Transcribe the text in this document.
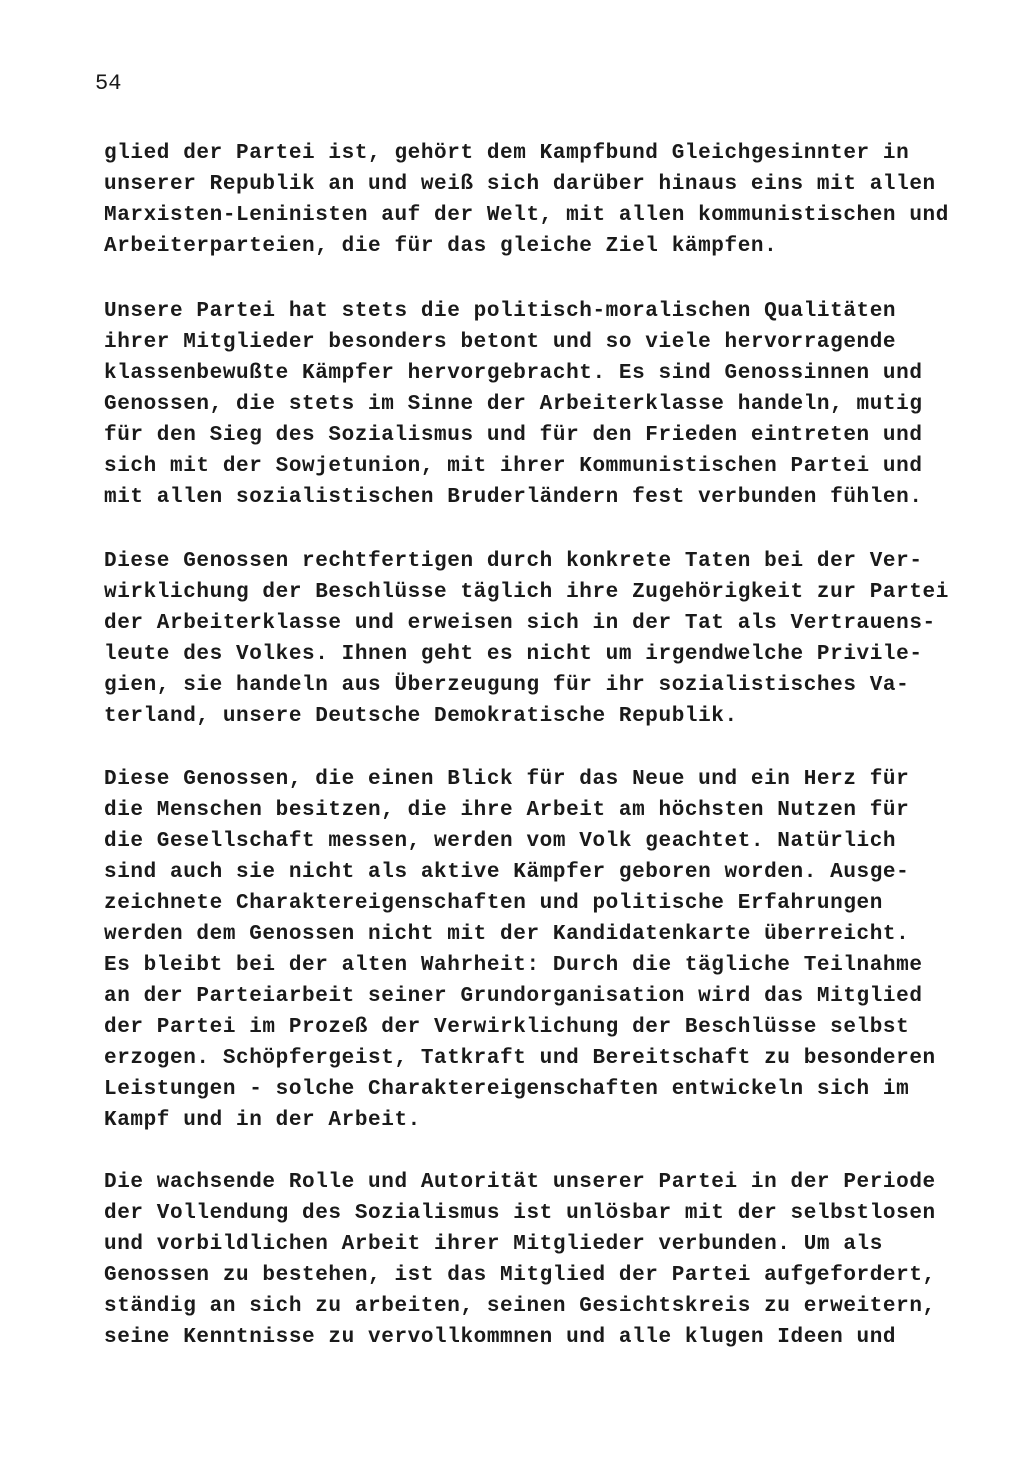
54
glied der Partei ist, gehört dem Kampfbund Gleichgesinnter in
unserer Republik an und weiß sich darüber hinaus eins mit allen
Marxisten-Leninisten auf der Welt, mit allen kommunistischen und
Arbeiterparteien, die für das gleiche Ziel kämpfen.
Unsere Partei hat stets die politisch-moralischen Qualitäten
ihrer Mitglieder besonders betont und so viele hervorragende
klassenbewußte Kämpfer hervorgebracht. Es sind Genossinnen und
Genossen, die stets im Sinne der Arbeiterklasse handeln, mutig
für den Sieg des Sozialismus und für den Frieden eintreten und
sich mit der Sowjetunion, mit ihrer Kommunistischen Partei und
mit allen sozialistischen Bruderländern fest verbunden fühlen.
Diese Genossen rechtfertigen durch konkrete Taten bei der Ver-
wirklichung der Beschlüsse täglich ihre Zugehörigkeit zur Partei
der Arbeiterklasse und erweisen sich in der Tat als Vertrauens-
leute des Volkes. Ihnen geht es nicht um irgendwelche Privile-
gien, sie handeln aus Überzeugung für ihr sozialistisches Va-
terland, unsere Deutsche Demokratische Republik.
Diese Genossen, die einen Blick für das Neue und ein Herz für
die Menschen besitzen, die ihre Arbeit am höchsten Nutzen für
die Gesellschaft messen, werden vom Volk geachtet. Natürlich
sind auch sie nicht als aktive Kämpfer geboren worden. Ausge-
zeichnete Charaktereigenschaften und politische Erfahrungen
werden dem Genossen nicht mit der Kandidatenkarte überreicht.
Es bleibt bei der alten Wahrheit: Durch die tägliche Teilnahme
an der Parteiarbeit seiner Grundorganisation wird das Mitglied
der Partei im Prozeß der Verwirklichung der Beschlüsse selbst
erzogen. Schöpfergeist, Tatkraft und Bereitschaft zu besonderen
Leistungen - solche Charaktereigenschaften entwickeln sich im
Kampf und in der Arbeit.
Die wachsende Rolle und Autorität unserer Partei in der Periode
der Vollendung des Sozialismus ist unlösbar mit der selbstlosen
und vorbildlichen Arbeit ihrer Mitglieder verbunden. Um als
Genossen zu bestehen, ist das Mitglied der Partei aufgefordert,
ständig an sich zu arbeiten, seinen Gesichtskreis zu erweitern,
seine Kenntnisse zu vervollkommnen und alle klugen Ideen und
